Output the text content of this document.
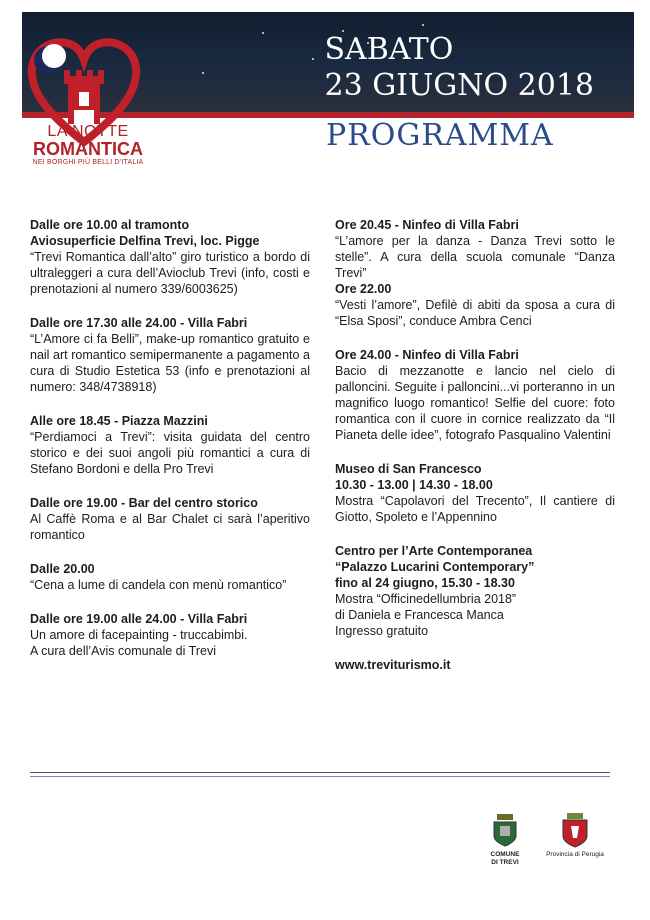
SABATO
23 GIUGNO 2018
LA NOTTE
ROMANTICA
NEI BORGHI PIÙ BELLI D'ITALIA
PROGRAMMA
Dalle ore 10.00 al tramonto
Aviosuperficie Delfina Trevi, loc. Pigge

“Trevi Romantica dall’alto” giro turistico a bordo di ultraleggeri a cura dell’Avioclub Trevi (info, costi e prenotazioni al numero 339/6003625)

Dalle ore 17.30 alle 24.00 - Villa Fabri

“L’Amore ci fa Belli”, make-up romantico gratuito e nail art romantico semipermanente a pagamento a cura di Studio Estetica 53 (info e prenotazioni al numero: 348/4738918)

Alle ore 18.45 - Piazza Mazzini

“Perdiamoci a Trevi”: visita guidata del centro storico e dei suoi angoli più romantici a cura di Stefano Bordoni e della Pro Trevi

Dalle ore 19.00 - Bar del centro storico

Al Caffè Roma e al Bar Chalet ci sarà l’aperitivo romantico

Dalle 20.00

“Cena a lume di candela con menù romantico”

Dalle ore 19.00 alle 24.00 - Villa Fabri

Un amore di facepainting - truccabimbi.
A cura dell’Avis comunale di Trevi

Ore 20.45 - Ninfeo di Villa Fabri

“L’amore per la danza - Danza Trevi sotto le stelle”. A cura della scuola comunale “Danza Trevi”

Ore 22.00

“Vesti l’amore”, Defilè di abiti da sposa a cura di “Elsa Sposi”, conduce Ambra Cenci

Ore 24.00 - Ninfeo di Villa Fabri

Bacio di mezzanotte e lancio nel cielo di palloncini. Seguite i palloncini...vi porteranno in un magnifico luogo romantico! Selfie del cuore: foto romantica con il cuore in cornice realizzato da “Il Pianeta delle idee”, fotografo Pasqualino Valentini

Museo di San Francesco
10.30 - 13.00 | 14.30 - 18.00

Mostra “Capolavori del Trecento”, Il cantiere di Giotto, Spoleto e l’Appennino

Centro per l’Arte Contemporanea
“Palazzo Lucarini Contemporary”
fino al 24 giugno, 15.30 - 18.30

Mostra “Officinedellumbria 2018”
di Daniela e Francesca Manca
Ingresso gratuito

www.treviturismo.it
COMUNE
DI TREVI
Provincia di Perugia
